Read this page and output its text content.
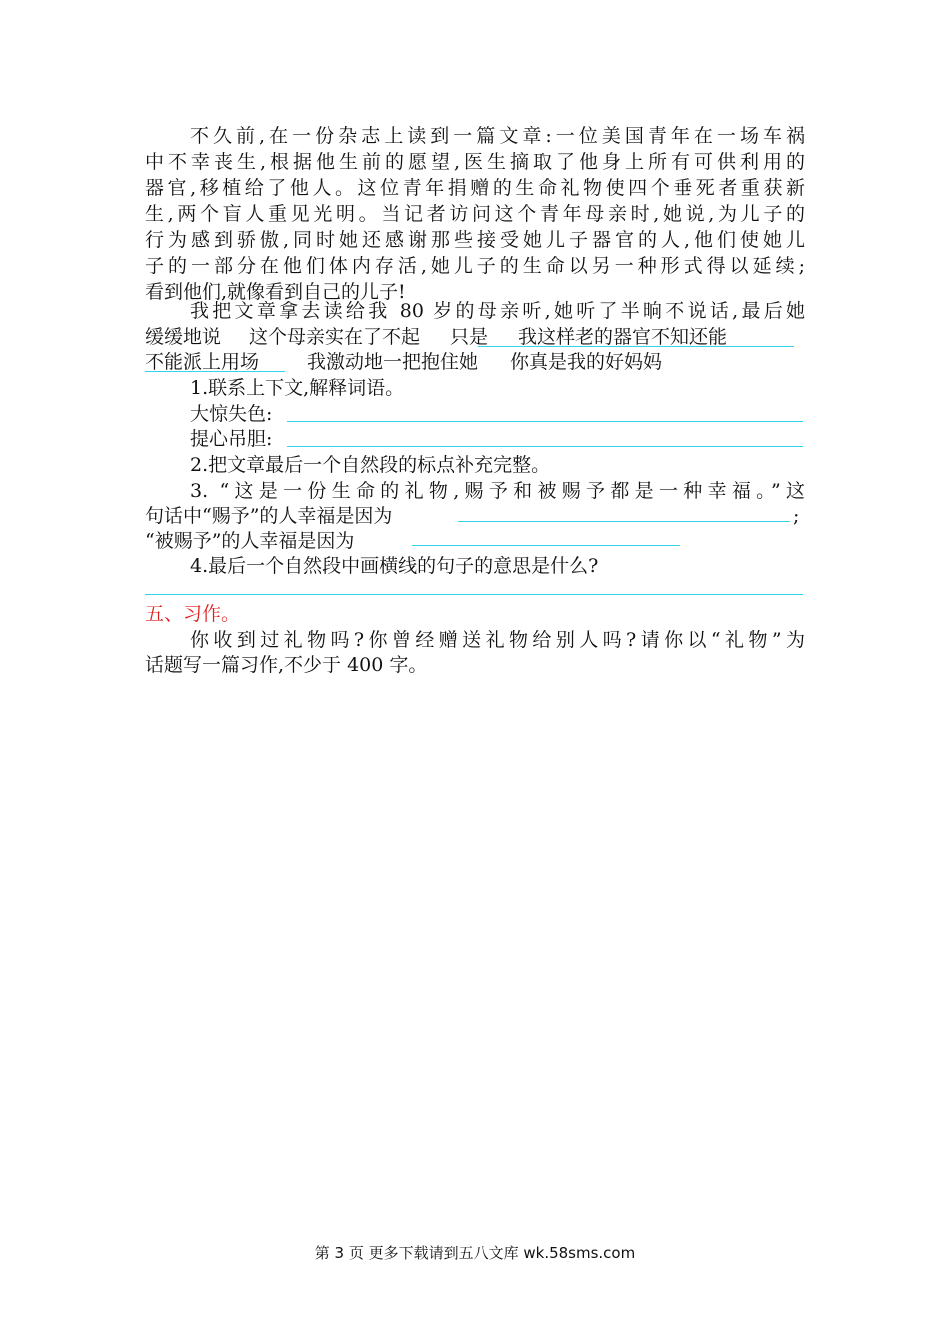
不久前,在一份杂志上读到一篇文章:一位美国青年在一场车祸
中不幸丧生,根据他生前的愿望,医生摘取了他身上所有可供利用的
器官,移植给了他人。这位青年捐赠的生命礼物使四个垂死者重获新
生,两个盲人重见光明。当记者访问这个青年母亲时,她说,为儿子的
行为感到骄傲,同时她还感谢那些接受她儿子器官的人,他们使她儿
子的一部分在他们体内存活,她儿子的生命以另一种形式得以延续;
看到他们,就像看到自己的儿子!
我把文章拿去读给我 80 岁的母亲听,她听了半晌不说话,最后她
缓缓地说 这个母亲实在了不起 只是 我这样老的器官不知还能
不能派上用场	我激动地一把抱住她 你真是我的好妈妈
1.联系上下文,解释词语。
大惊失色:
提心吊胆:
2.把文章最后一个自然段的标点补充完整。
3. “这是一份生命的礼物,赐予和被赐予都是一种幸福。”这
句话中“赐予”的人幸福是因为	;
“被赐予”的人幸福是因为
4.最后一个自然段中画横线的句子的意思是什么?
五、习作。
你收到过礼物吗?你曾经赠送礼物给别人吗?请你以“礼物”为
话题写一篇习作,不少于 400 字。
第 3 页 更多下载请到五八文库 wk.58sms.com
